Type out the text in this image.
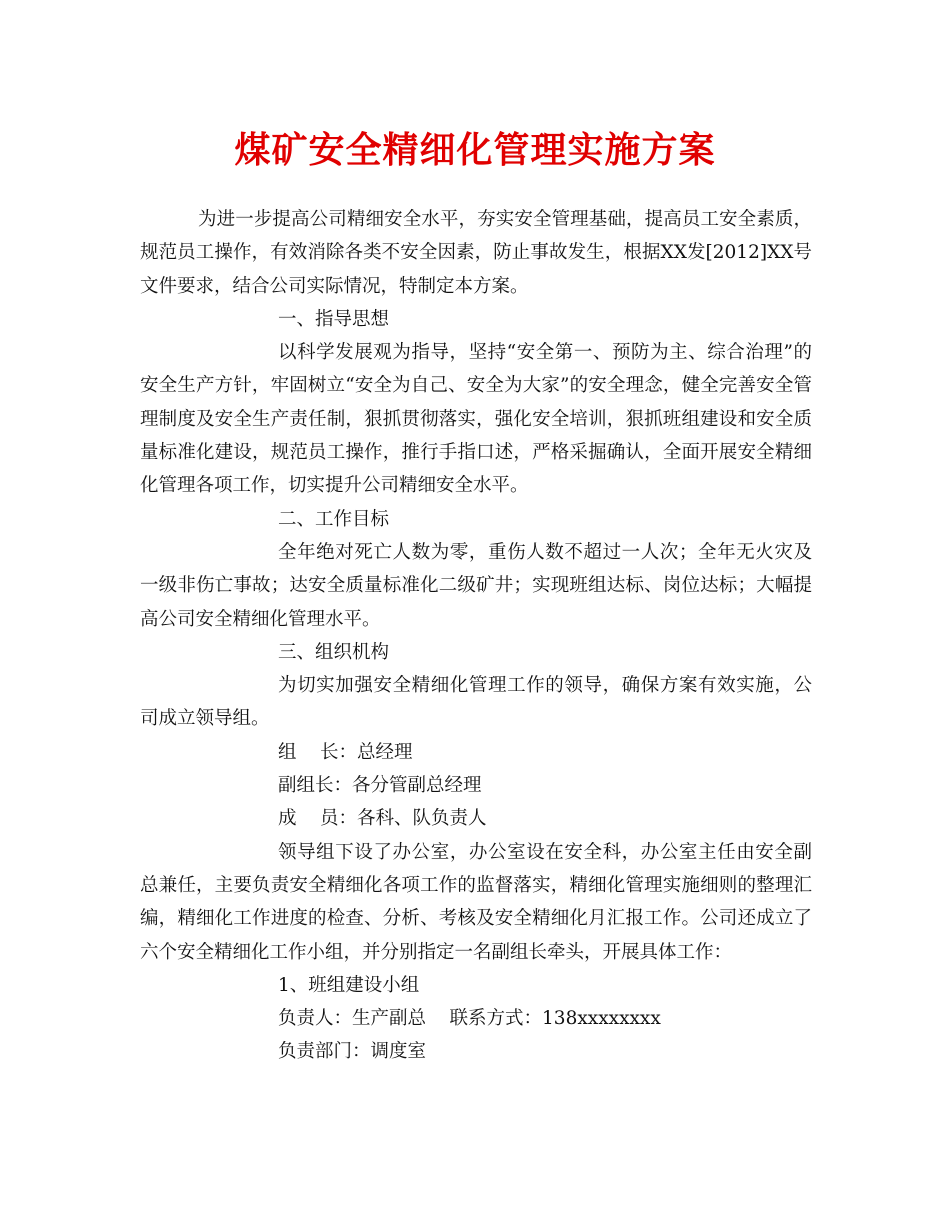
煤矿安全精细化管理实施方案

为进一步提高公司精细安全水平，夯实安全管理基础，提高员工安全素质，规范员工操作，有效消除各类不安全因素，防止事故发生，根据XX发[2012]XX号文件要求，结合公司实际情况，特制定本方案。

一、指导思想

以科学发展观为指导，坚持“安全第一、预防为主、综合治理”的安全生产方针，牢固树立“安全为自己、安全为大家”的安全理念，健全完善安全管理制度及安全生产责任制，狠抓贯彻落实，强化安全培训，狠抓班组建设和安全质量标准化建设，规范员工操作，推行手指口述，严格采掘确认，全面开展安全精细化管理各项工作，切实提升公司精细安全水平。

二、工作目标

全年绝对死亡人数为零，重伤人数不超过一人次；全年无火灾及一级非伤亡事故；达安全质量标准化二级矿井；实现班组达标、岗位达标；大幅提高公司安全精细化管理水平。

三、组织机构

为切实加强安全精细化管理工作的领导，确保方案有效实施，公司成立领导组。

组    长：总经理

副组长：各分管副总经理

成    员：各科、队负责人

领导组下设了办公室，办公室设在安全科，办公室主任由安全副总兼任，主要负责安全精细化各项工作的监督落实，精细化管理实施细则的整理汇编，精细化工作进度的检查、分析、考核及安全精细化月汇报工作。公司还成立了六个安全精细化工作小组，并分别指定一名副组长牵头，开展具体工作：

1、班组建设小组

负责人：生产副总    联系方式：138xxxxxxxx

负责部门：调度室
